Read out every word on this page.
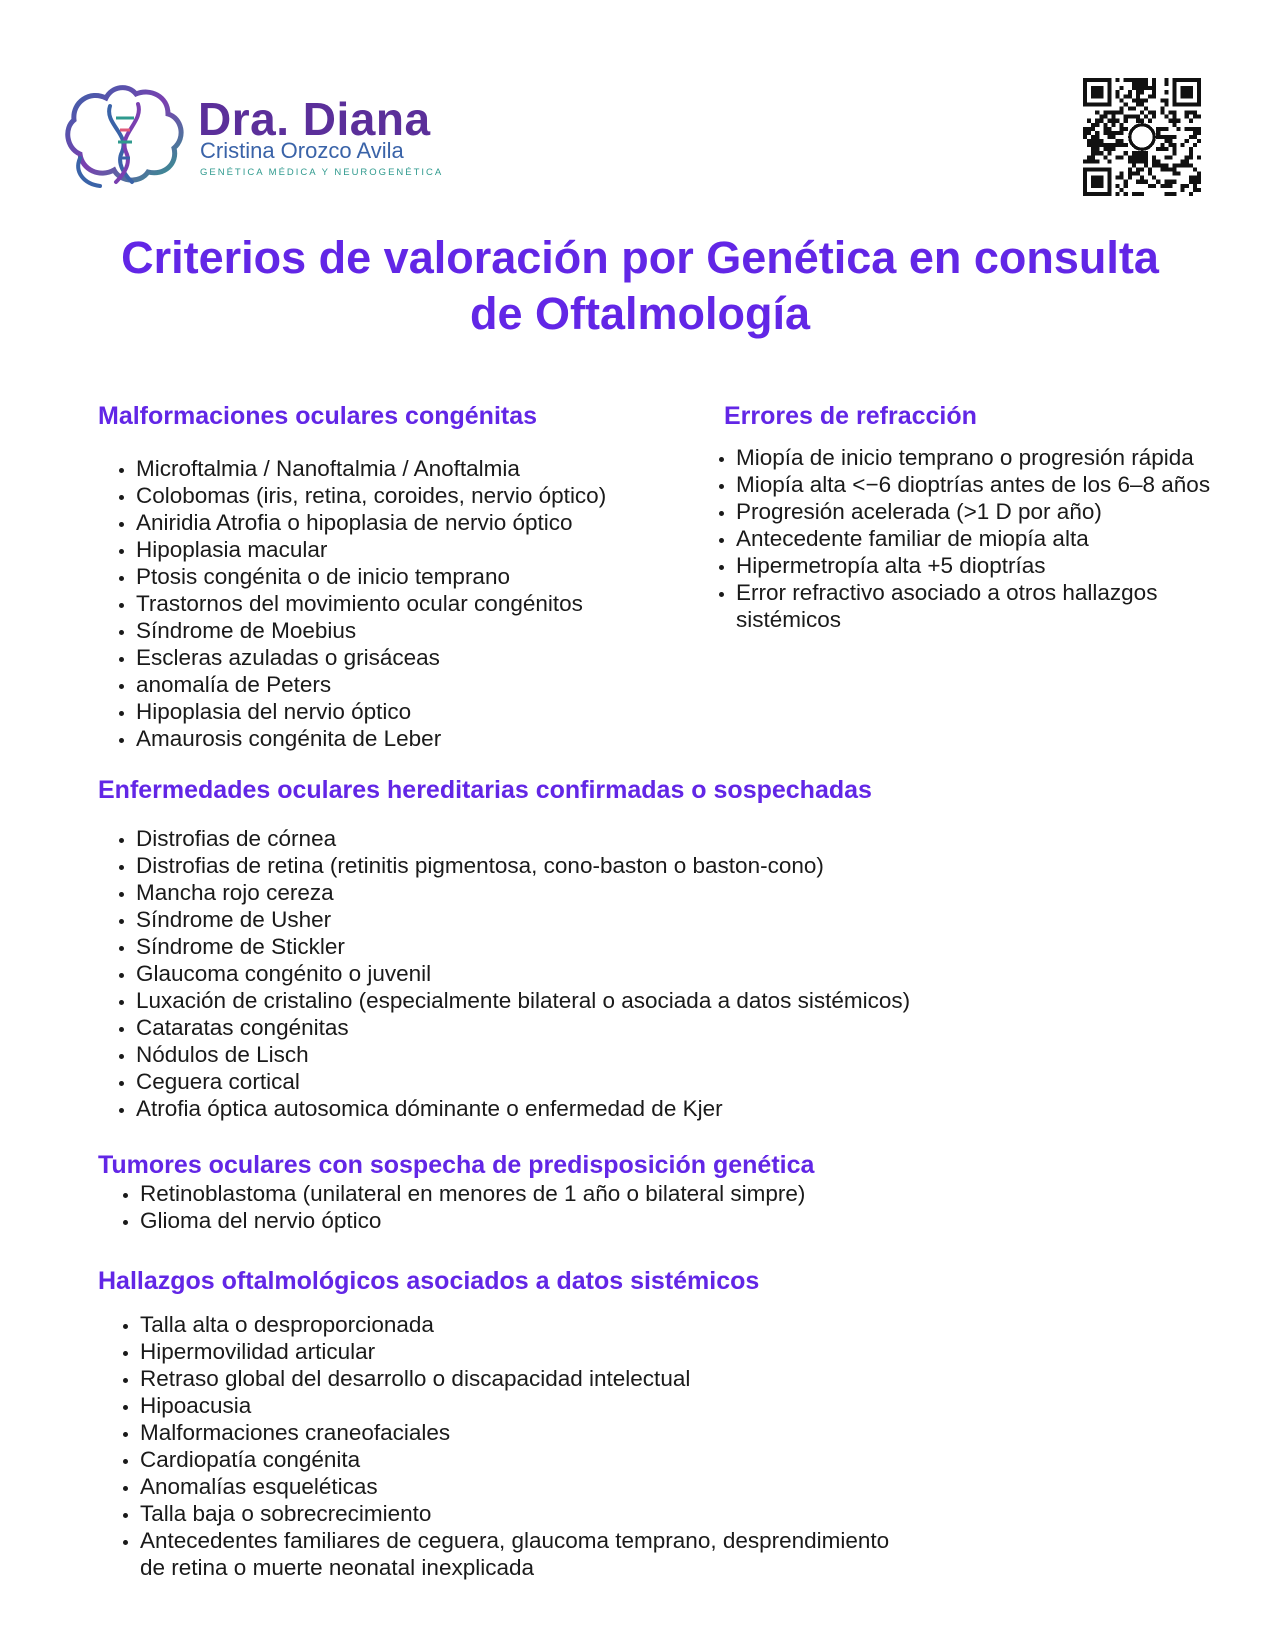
Dra. Diana
Cristina Orozco Avila
GENÉTICA MÉDICA Y NEUROGENÉTICA
Criterios de valoración por Genética en consulta de Oftalmología
Malformaciones oculares congénitas
• Microftalmia / Nanoftalmia / Anoftalmia
• Colobomas (iris, retina, coroides, nervio óptico)
• Aniridia Atrofia o hipoplasia de nervio óptico
• Hipoplasia macular
• Ptosis congénita o de inicio temprano
• Trastornos del movimiento ocular congénitos
• Síndrome de Moebius
• Escleras azuladas o grisáceas
• anomalía de Peters
• Hipoplasia del nervio óptico
• Amaurosis congénita de Leber
Errores de refracción
• Miopía de inicio temprano o progresión rápida
• Miopía alta <−6 dioptrías antes de los 6–8 años
• Progresión acelerada (>1 D por año)
• Antecedente familiar de miopía alta
• Hipermetropía alta +5 dioptrías
• Error refractivo asociado a otros hallazgos sistémicos
Enfermedades oculares hereditarias confirmadas o sospechadas
• Distrofias de córnea
• Distrofias de retina (retinitis pigmentosa, cono-baston o baston-cono)
• Mancha rojo cereza
• Síndrome de Usher
• Síndrome de Stickler
• Glaucoma congénito o juvenil
• Luxación de cristalino (especialmente bilateral o asociada a datos sistémicos)
• Cataratas congénitas
• Nódulos de Lisch
• Ceguera cortical
• Atrofia óptica autosomica dóminante o enfermedad de Kjer
Tumores oculares con sospecha de predisposición genética
• Retinoblastoma (unilateral en menores de 1 año o bilateral simpre)
• Glioma del nervio óptico
Hallazgos oftalmológicos asociados a datos sistémicos
• Talla alta o desproporcionada
• Hipermovilidad articular
• Retraso global del desarrollo o discapacidad intelectual
• Hipoacusia
• Malformaciones craneofaciales
• Cardiopatía congénita
• Anomalías esqueléticas
• Talla baja o sobrecrecimiento
• Antecedentes familiares de ceguera, glaucoma temprano, desprendimiento de retina o muerte neonatal inexplicada
